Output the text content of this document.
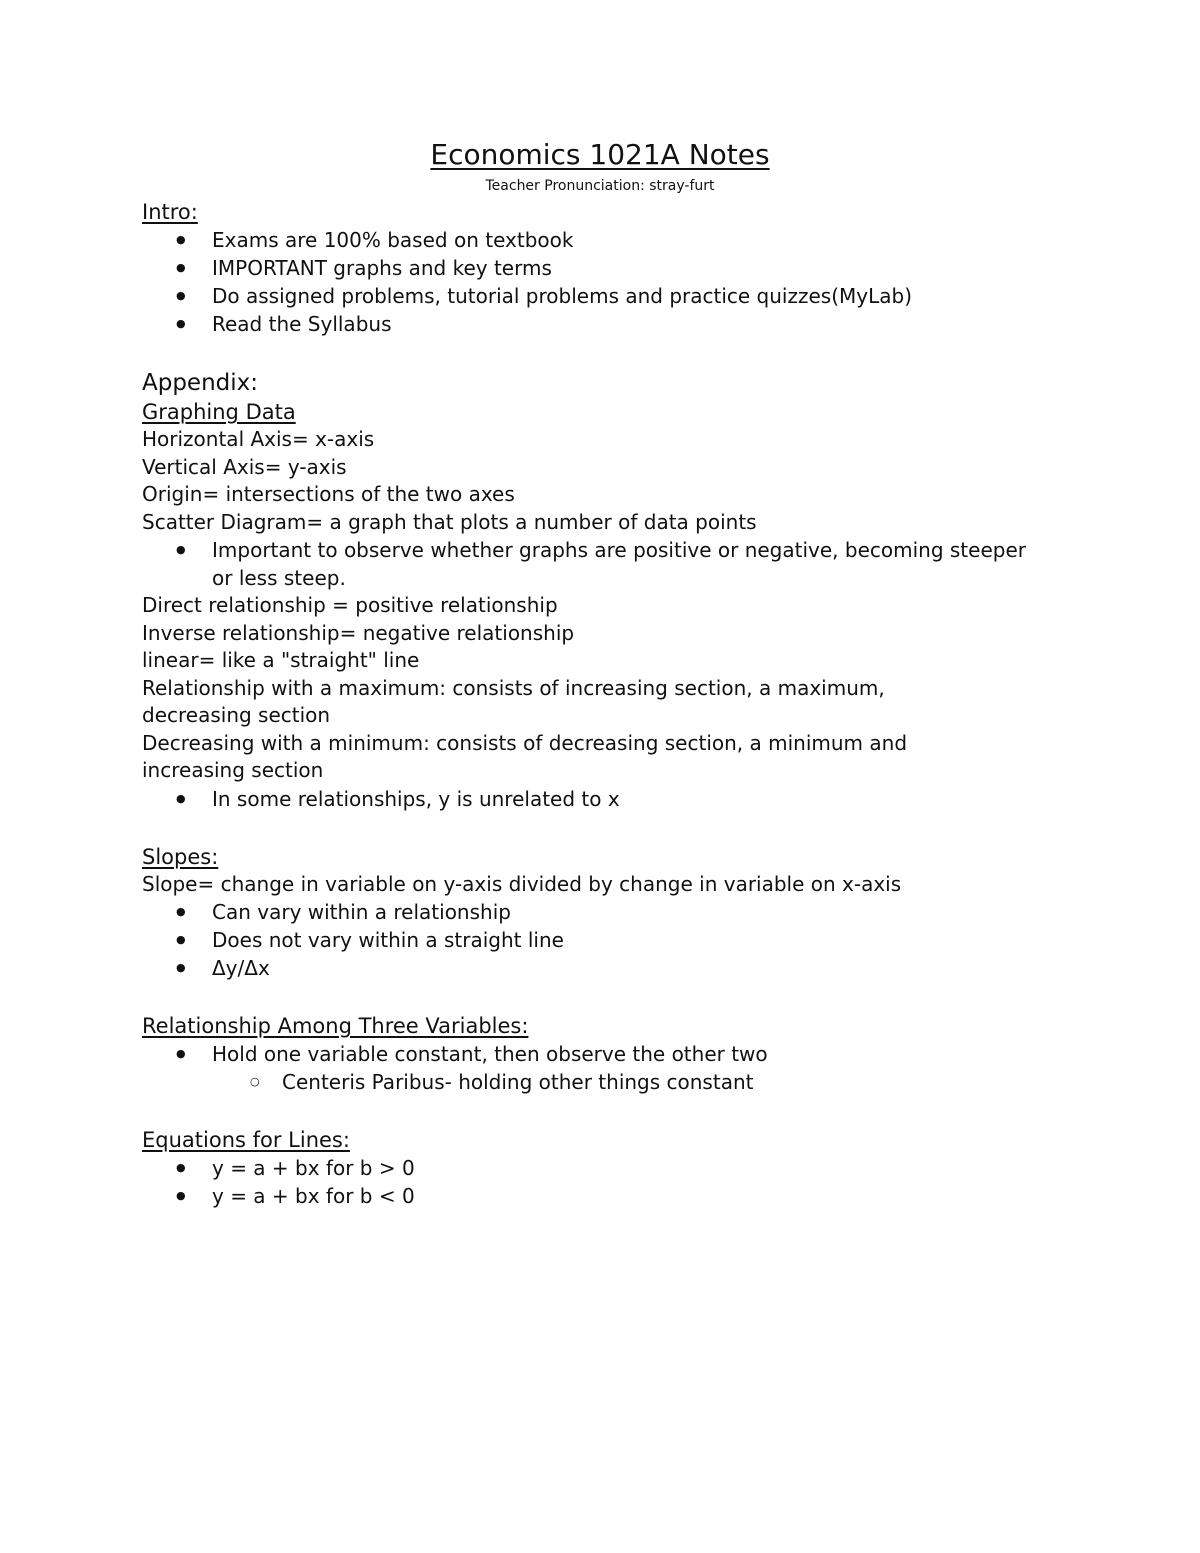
Economics 1021A Notes
Teacher Pronunciation: stray-furt
Intro:
● Exams are 100% based on textbook
● IMPORTANT graphs and key terms
● Do assigned problems, tutorial problems and practice quizzes(MyLab)
● Read the Syllabus
Appendix:
Graphing Data
Horizontal Axis= x-axis
Vertical Axis= y-axis
Origin= intersections of the two axes
Scatter Diagram= a graph that plots a number of data points
● Important to observe whether graphs are positive or negative, becoming steeper or less steep.
Direct relationship = positive relationship
Inverse relationship= negative relationship
linear= like a "straight" line
Relationship with a maximum: consists of increasing section, a maximum,
decreasing section
Decreasing with a minimum: consists of decreasing section, a minimum and
increasing section
● In some relationships, y is unrelated to x
Slopes:
Slope= change in variable on y-axis divided by change in variable on x-axis
● Can vary within a relationship
● Does not vary within a straight line
● Δy/Δx
Relationship Among Three Variables:
● Hold one variable constant, then observe the other two
○ Centeris Paribus- holding other things constant
Equations for Lines:
● y = a + bx for b > 0
● y = a + bx for b < 0
